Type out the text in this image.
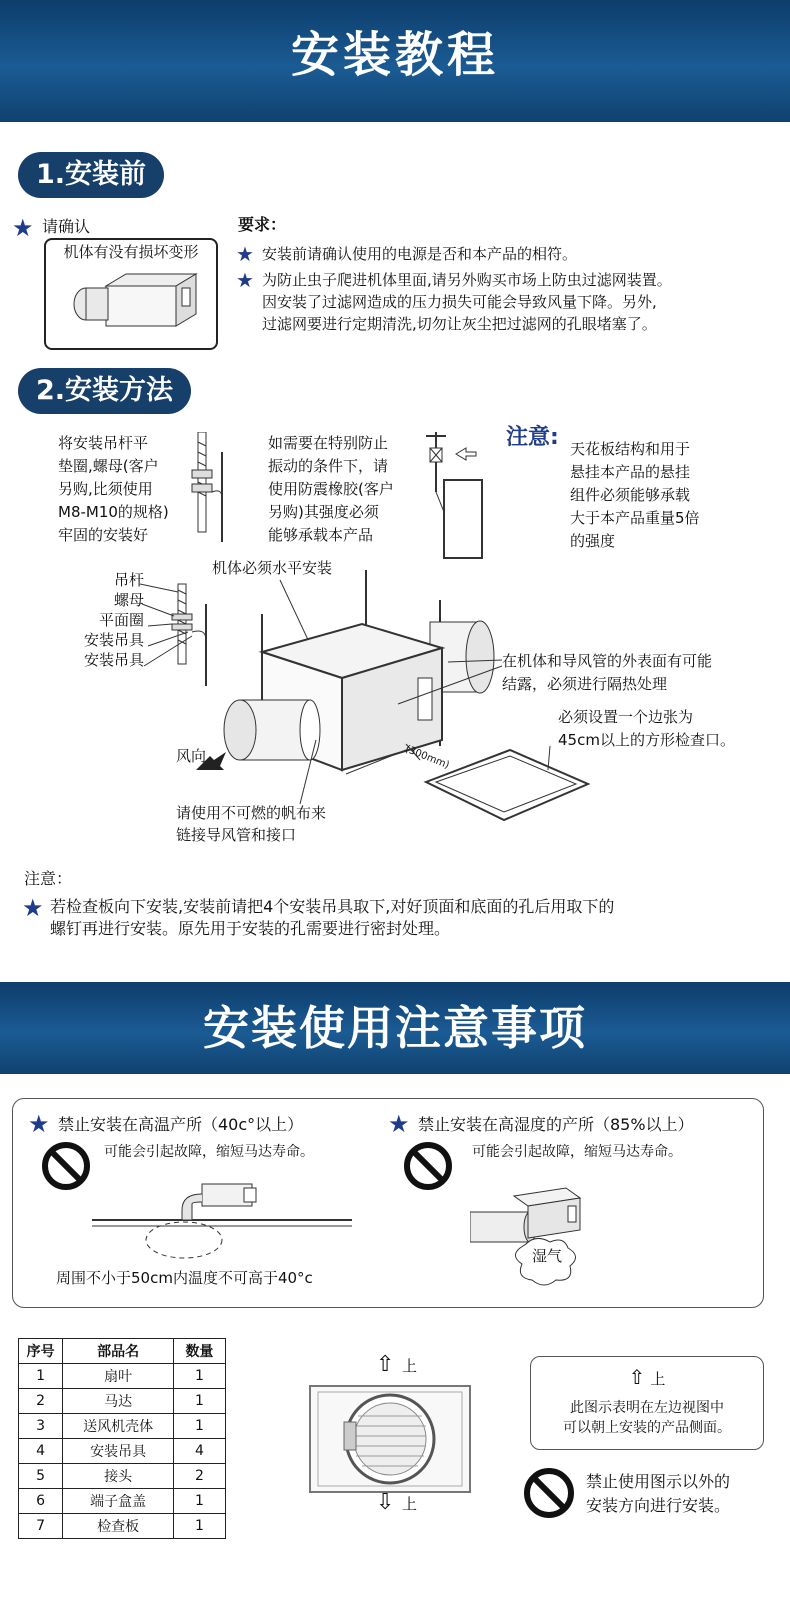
安装教程
1.安装前
★ 请确认
机体有没有损坏变形
要求：
★ 安装前请确认使用的电源是否和本产品的相符。
★ 为防止虫子爬进机体里面,请另外购买市场上防虫过滤网装置。
因安装了过滤网造成的压力损失可能会导致风量下降。另外,
过滤网要进行定期清洗,切勿让灰尘把过滤网的孔眼堵塞了。
2.安装方法
将安装吊杆平
垫圈,螺母(客户
另购,比须使用
M8-M10的规格)
牢固的安装好
如需要在特别防止
振动的条件下，请
使用防震橡胶(客户
另购)其强度必须
能够承载本产品
注意: 天花板结构和用于
悬挂本产品的悬挂
组件必须能够承载
大于本产品重量5倍
的强度
机体必须水平安装
吊杆
螺母
平面圈
安装吊具
安装吊具	在机体和导风管的外表面有可能
结露，必须进行隔热处理
必须设置一个边张为
45cm以上的方形检查口。
(300mm)
风向
请使用不可燃的帆布来
链接导风管和接口
注意：
★ 若检查板向下安装,安装前请把4个安装吊具取下,对好顶面和底面的孔后用取下的
螺钉再进行安装。原先用于安装的孔需要进行密封处理。
安装使用注意事项
★ 禁止安装在高温产所（40c°以上）
可能会引起故障，缩短马达寿命。
周围不小于50cm内温度不可高于40°c
★ 禁止安装在高湿度的产所（85%以上）
可能会引起故障，缩短马达寿命。
湿气
序号	部品名	数量
1	扇叶	1
2	马达	1
3	送风机壳体	1
4	安装吊具	4
5	接头	2
6	端子盒盖	1
7	检查板	1
⇧ 上
⇩ 上
⇧ 上
此图示表明在左边视图中
可以朝上安装的产品侧面。
禁止使用图示以外的
安装方向进行安装。
